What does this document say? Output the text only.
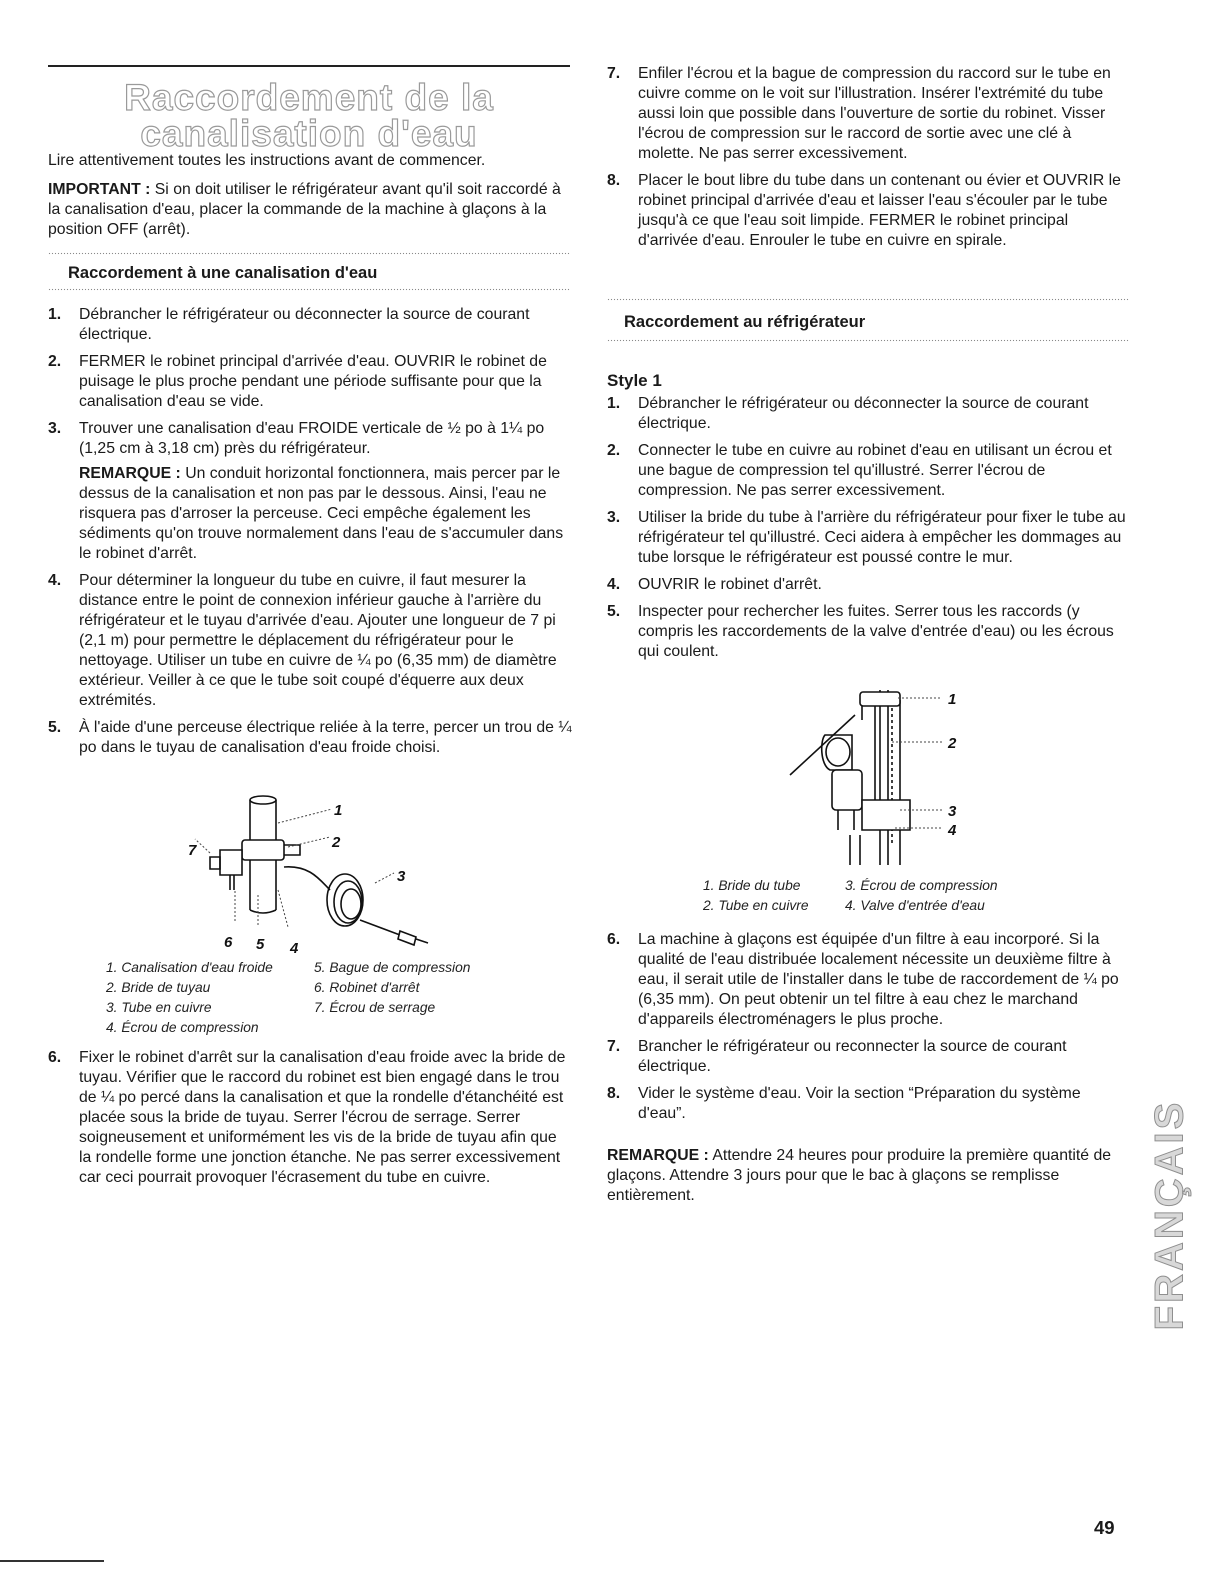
Raccordement de la
canalisation d'eau

Lire attentivement toutes les instructions avant de commencer.

IMPORTANT : Si on doit utiliser le réfrigérateur avant qu'il soit raccordé à la canalisation d'eau, placer la commande de la machine à glaçons à la position OFF (arrêt).

Raccordement à une canalisation d'eau
1. Débrancher le réfrigérateur ou déconnecter la source de courant électrique.
2. FERMER le robinet principal d'arrivée d'eau. OUVRIR le robinet de puisage le plus proche pendant une période suffisante pour que la canalisation d'eau se vide.
3. Trouver une canalisation d'eau FROIDE verticale de ½ po à 1¼ po (1,25 cm à 3,18 cm) près du réfrigérateur.
REMARQUE : Un conduit horizontal fonctionnera, mais percer par le dessus de la canalisation et non pas par le dessous. Ainsi, l'eau ne risquera pas d'arroser la perceuse. Ceci empêche également les sédiments qu'on trouve normalement dans l'eau de s'accumuler dans le robinet d'arrêt.
4. Pour déterminer la longueur du tube en cuivre, il faut mesurer la distance entre le point de connexion inférieur gauche à l'arrière du réfrigérateur et le tuyau d'arrivée d'eau. Ajouter une longueur de 7 pi (2,1 m) pour permettre le déplacement du réfrigérateur pour le nettoyage. Utiliser un tube en cuivre de ¼ po (6,35 mm) de diamètre extérieur. Veiller à ce que le tube soit coupé d'équerre aux deux extrémités.
5. À l'aide d'une perceuse électrique reliée à la terre, percer un trou de ¼ po dans le tuyau de canalisation d'eau froide choisi.
1
2
3
4
5
6
7
1. Canalisation d'eau froide
2. Bride de tuyau
3. Tube en cuivre
4. Écrou de compression
5. Bague de compression
6. Robinet d'arrêt
7. Écrou de serrage
6. Fixer le robinet d'arrêt sur la canalisation d'eau froide avec la bride de tuyau. Vérifier que le raccord du robinet est bien engagé dans le trou de ¼ po percé dans la canalisation et que la rondelle d'étanchéité est placée sous la bride de tuyau. Serrer l'écrou de serrage. Serrer soigneusement et uniformément les vis de la bride de tuyau afin que la rondelle forme une jonction étanche. Ne pas serrer excessivement car ceci pourrait provoquer l'écrasement du tube en cuivre.
7. Enfiler l'écrou et la bague de compression du raccord sur le tube en cuivre comme on le voit sur l'illustration. Insérer l'extrémité du tube aussi loin que possible dans l'ouverture de sortie du robinet. Visser l'écrou de compression sur le raccord de sortie avec une clé à molette. Ne pas serrer excessivement.
8. Placer le bout libre du tube dans un contenant ou évier et OUVRIR le robinet principal d'arrivée d'eau et laisser l'eau s'écouler par le tube jusqu'à ce que l'eau soit limpide. FERMER le robinet principal d'arrivée d'eau. Enrouler le tube en cuivre en spirale.
Raccordement au réfrigérateur
Style 1
1. Débrancher le réfrigérateur ou déconnecter la source de courant électrique.
2. Connecter le tube en cuivre au robinet d'eau en utilisant un écrou et une bague de compression tel qu'illustré. Serrer l'écrou de compression. Ne pas serrer excessivement.
3. Utiliser la bride du tube à l'arrière du réfrigérateur pour fixer le tube au réfrigérateur tel qu'illustré. Ceci aidera à empêcher les dommages au tube lorsque le réfrigérateur est poussé contre le mur.
4. OUVRIR le robinet d'arrêt.
5. Inspecter pour rechercher les fuites. Serrer tous les raccords (y compris les raccordements de la valve d'entrée d'eau) ou les écrous qui coulent.
1
2
3
4
1. Bride du tube
2. Tube en cuivre
3. Écrou de compression
4. Valve d'entrée d'eau
6. La machine à glaçons est équipée d'un filtre à eau incorporé. Si la qualité de l'eau distribuée localement nécessite un deuxième filtre à eau, il serait utile de l'installer dans le tube de raccordement de ¼ po (6,35 mm). On peut obtenir un tel filtre à eau chez le marchand d'appareils électroménagers le plus proche.
7. Brancher le réfrigérateur ou reconnecter la source de courant électrique.
8. Vider le système d'eau. Voir la section “Préparation du système d'eau”.

REMARQUE : Attendre 24 heures pour produire la première quantité de glaçons. Attendre 3 jours pour que le bac à glaçons se remplisse entièrement.	FRANÇAIS
49
